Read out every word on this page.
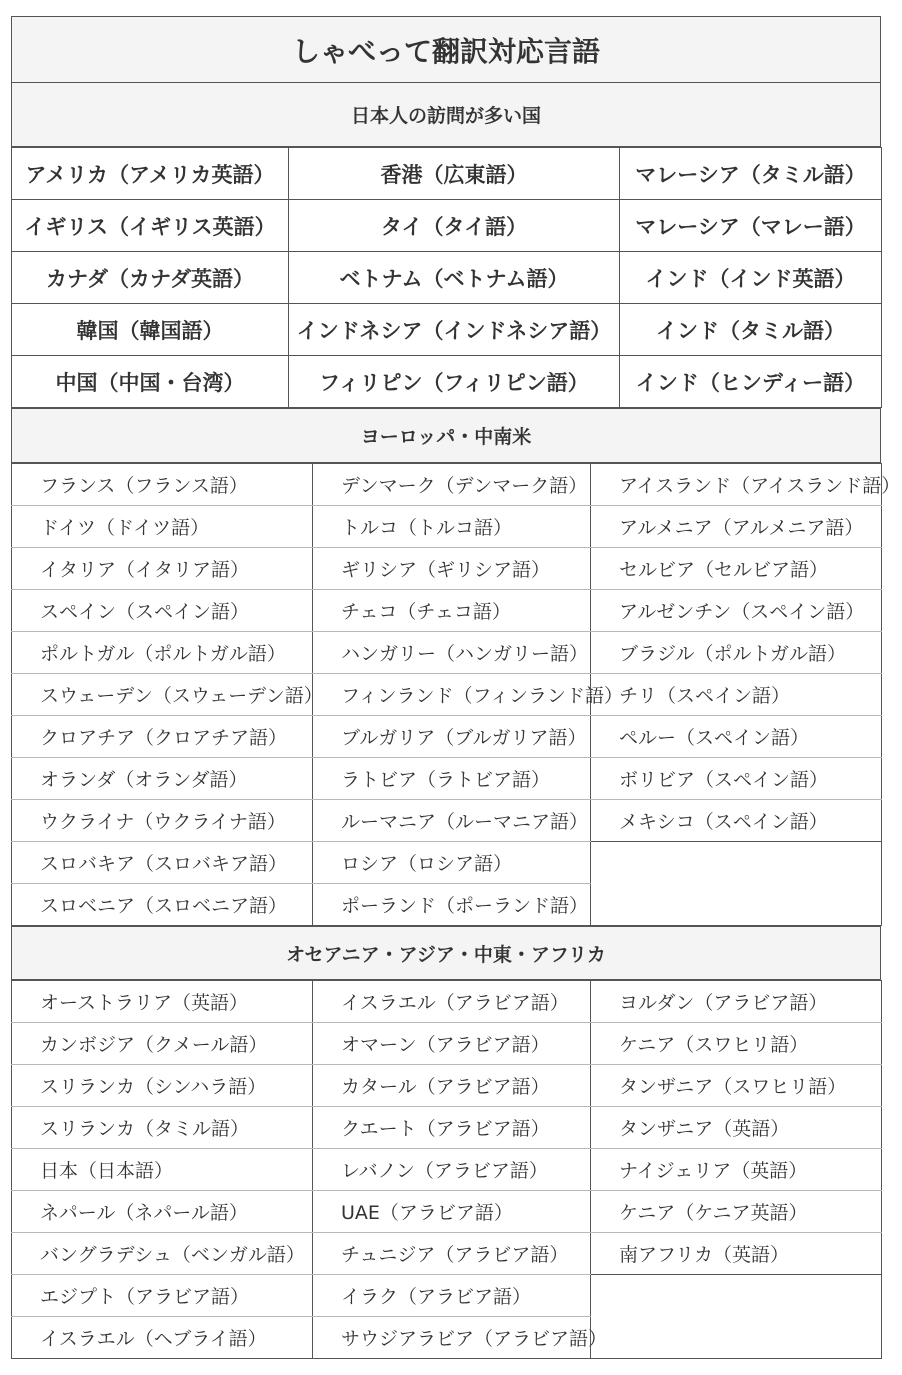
しゃべって翻訳対応言語
日本人の訪問が多い国
アメリカ（アメリカ英語）	香港（広東語）	マレーシア（タミル語）
イギリス（イギリス英語）	タイ（タイ語）	マレーシア（マレー語）
カナダ（カナダ英語）	ベトナム（ベトナム語）	インド（インド英語）
韓国（韓国語）	インドネシア（インドネシア語）	インド（タミル語）
中国（中国・台湾）	フィリピン（フィリピン語）	インド（ヒンディー語）
ヨーロッパ・中南米
フランス（フランス語）	デンマーク（デンマーク語）	アイスランド（アイスランド語）
ドイツ（ドイツ語）	トルコ（トルコ語）	アルメニア（アルメニア語）
イタリア（イタリア語）	ギリシア（ギリシア語）	セルビア（セルビア語）
スペイン（スペイン語）	チェコ（チェコ語）	アルゼンチン（スペイン語）
ポルトガル（ポルトガル語）	ハンガリー（ハンガリー語）	ブラジル（ポルトガル語）
スウェーデン（スウェーデン語）	フィンランド（フィンランド語）	チリ（スペイン語）
クロアチア（クロアチア語）	ブルガリア（ブルガリア語）	ペルー（スペイン語）
オランダ（オランダ語）	ラトビア（ラトビア語）	ボリビア（スペイン語）
ウクライナ（ウクライナ語）	ルーマニア（ルーマニア語）	メキシコ（スペイン語）
スロバキア（スロバキア語）	ロシア（ロシア語）	
スロベニア（スロベニア語）	ポーランド（ポーランド語）	
オセアニア・アジア・中東・アフリカ
オーストラリア（英語）	イスラエル（アラビア語）	ヨルダン（アラビア語）
カンボジア（クメール語）	オマーン（アラビア語）	ケニア（スワヒリ語）
スリランカ（シンハラ語）	カタール（アラビア語）	タンザニア（スワヒリ語）
スリランカ（タミル語）	クエート（アラビア語）	タンザニア（英語）
日本（日本語）	レバノン（アラビア語）	ナイジェリア（英語）
ネパール（ネパール語）	UAE（アラビア語）	ケニア（ケニア英語）
バングラデシュ（ベンガル語）	チュニジア（アラビア語）	南アフリカ（英語）
エジプト（アラビア語）	イラク（アラビア語）	
イスラエル（ヘブライ語）	サウジアラビア（アラビア語）	
